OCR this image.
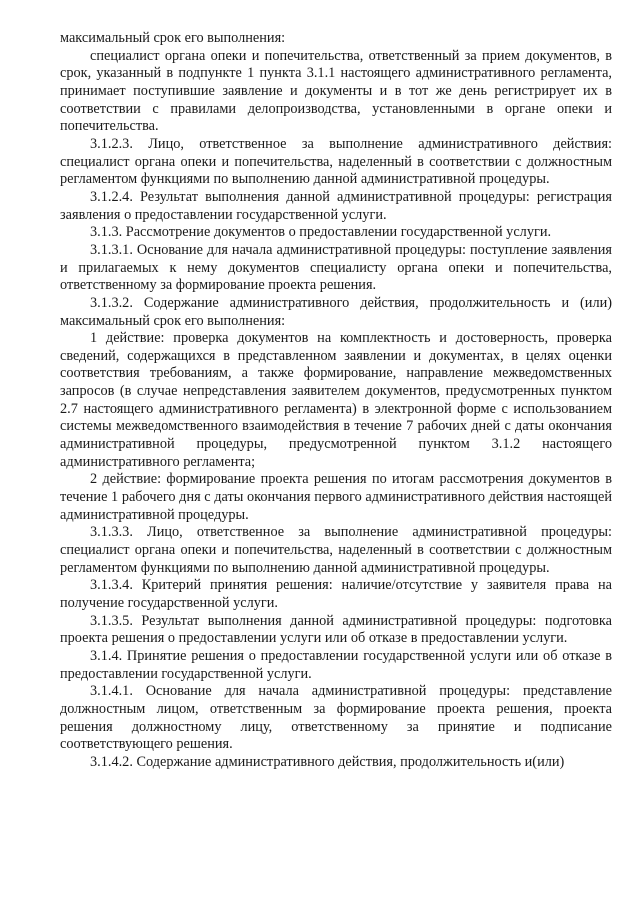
максимальный срок его выполнения:

специалист органа опеки и попечительства, ответственный за прием документов, в срок, указанный в подпункте 1 пункта 3.1.1 настоящего административного регламента, принимает поступившие заявление и документы и в тот же день регистрирует их в соответствии с правилами делопроизводства, установленными в органе опеки и попечительства.

3.1.2.3. Лицо, ответственное за выполнение административного действия: специалист органа опеки и попечительства, наделенный в соответствии с должностным регламентом функциями по выполнению данной административной процедуры.

3.1.2.4. Результат выполнения данной административной процедуры: регистрация заявления о предоставлении государственной услуги.

3.1.3. Рассмотрение документов о предоставлении государственной услуги.

3.1.3.1. Основание для начала административной процедуры: поступление заявления и прилагаемых к нему документов специалисту органа опеки и попечительства, ответственному за формирование проекта решения.

3.1.3.2. Содержание административного действия, продолжительность и (или) максимальный срок его выполнения:

1 действие: проверка документов на комплектность и достоверность, проверка сведений, содержащихся в представленном заявлении и документах, в целях оценки соответствия требованиям, а также формирование, направление межведомственных запросов (в случае непредставления заявителем документов, предусмотренных пунктом 2.7 настоящего административного регламента) в электронной форме с использованием системы межведомственного взаимодействия в течение 7 рабочих дней с даты окончания административной процедуры, предусмотренной пунктом 3.1.2 настоящего административного регламента;

2 действие: формирование проекта решения по итогам рассмотрения документов в течение 1 рабочего дня с даты окончания первого административного действия настоящей административной процедуры.

3.1.3.3. Лицо, ответственное за выполнение административной процедуры: специалист органа опеки и попечительства, наделенный в соответствии с должностным регламентом функциями по выполнению данной административной процедуры.

3.1.3.4. Критерий принятия решения: наличие/отсутствие у заявителя права на получение государственной услуги.

3.1.3.5. Результат выполнения данной административной процедуры: подготовка проекта решения о предоставлении услуги или об отказе в предоставлении услуги.

3.1.4. Принятие решения о предоставлении государственной услуги или об отказе в предоставлении государственной услуги.

3.1.4.1. Основание для начала административной процедуры: представление должностным лицом, ответственным за формирование проекта решения, проекта решения должностному лицу, ответственному за принятие и подписание соответствующего решения.

3.1.4.2. Содержание административного действия, продолжительность и(или)
